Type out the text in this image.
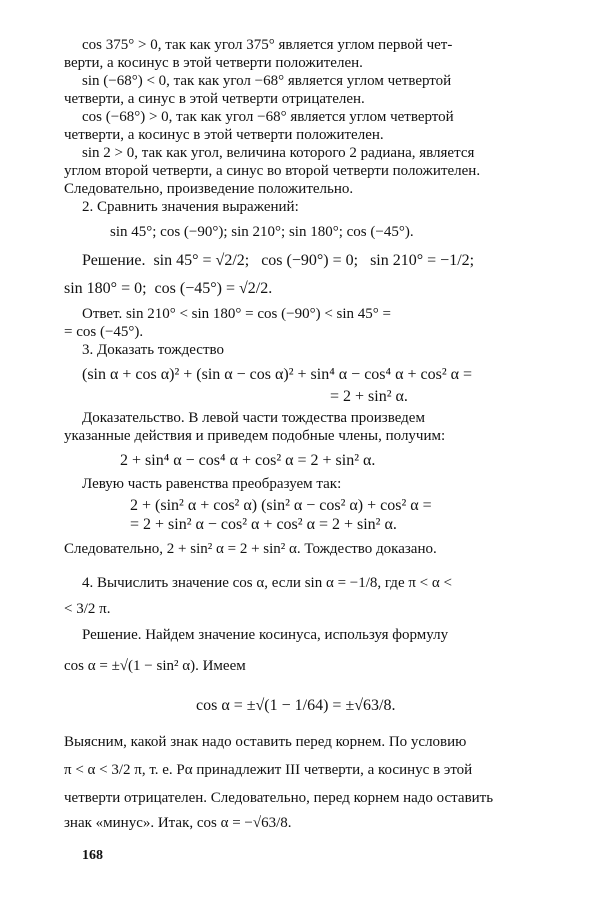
cos 375° > 0, так как угол 375° является углом первой чет-
верти, а косинус в этой четверти положителен.
sin (−68°) < 0, так как угол −68° является углом четвертой
четверти, а синус в этой четверти отрицателен.
cos (−68°) > 0, так как угол −68° является углом четвертой
четверти, а косинус в этой четверти положителен.
sin 2 > 0, так как угол, величина которого 2 радиана, является
углом второй четверти, а синус во второй четверти положителен.
Следовательно, произведение положительно.
2. Сравнить значения выражений:
sin 45°; cos (−90°); sin 210°; sin 180°; cos (−45°).
Решение.  sin 45° = √2/2;   cos (−90°) = 0;   sin 210° = −1/2;
sin 180° = 0;  cos (−45°) = √2/2.
Ответ. sin 210° < sin 180° = cos (−90°) < sin 45° =
= cos (−45°).
3. Доказать тождество
(sin α + cos α)² + (sin α − cos α)² + sin⁴ α − cos⁴ α + cos² α =
= 2 + sin² α.
Доказательство. В левой части тождества произведем
указанные действия и приведем подобные члены, получим:
2 + sin⁴ α − cos⁴ α + cos² α = 2 + sin² α.
Левую часть равенства преобразуем так:
2 + (sin² α + cos² α) (sin² α − cos² α) + cos² α =
= 2 + sin² α − cos² α + cos² α = 2 + sin² α.
Следовательно, 2 + sin² α = 2 + sin² α. Тождество доказано.
4. Вычислить значение cos α, если sin α = −1/8, где π < α <
< 3/2 π.
Решение. Найдем значение косинуса, используя формулу
cos α = ±√(1 − sin² α). Имеем
cos α = ±√(1 − 1/64) = ±√63/8.
Выясним, какой знак надо оставить перед корнем. По условию
π < α < 3/2 π, т. е. Pα принадлежит III четверти, а косинус в этой
четверти отрицателен. Следовательно, перед корнем надо оставить
знак «минус». Итак, cos α = −√63/8.
168
